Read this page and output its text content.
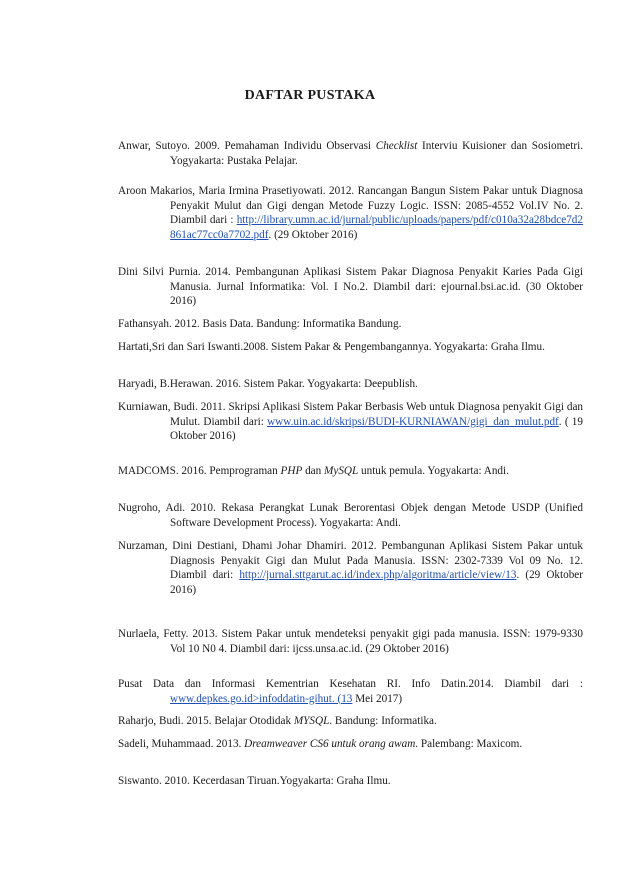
DAFTAR PUSTAKA
Anwar, Sutoyo. 2009. Pemahaman Individu Observasi Checklist Interviu Kuisioner dan Sosiometri. Yogyakarta: Pustaka Pelajar.
Aroon Makarios, Maria Irmina Prasetiyowati. 2012. Rancangan Bangun Sistem Pakar untuk Diagnosa Penyakit Mulut dan Gigi dengan Metode Fuzzy Logic. ISSN: 2085-4552 Vol.IV No. 2. Diambil dari : http://library.umn.ac.id/jurnal/public/uploads/papers/pdf/c010a32a28bdce7d2861ac77cc0a7702.pdf. (29 Oktober 2016)
Dini Silvi Purnia. 2014. Pembangunan Aplikasi Sistem Pakar Diagnosa Penyakit Karies Pada Gigi Manusia. Jurnal Informatika: Vol. I No.2. Diambil dari: ejournal.bsi.ac.id. (30 Oktober 2016)
Fathansyah. 2012. Basis Data. Bandung: Informatika Bandung.
Hartati,Sri dan Sari Iswanti.2008. Sistem Pakar & Pengembangannya. Yogyakarta: Graha Ilmu.
Haryadi, B.Herawan. 2016. Sistem Pakar. Yogyakarta: Deepublish.
Kurniawan, Budi. 2011. Skripsi Aplikasi Sistem Pakar Berbasis Web untuk Diagnosa penyakit Gigi dan Mulut. Diambil dari: www.uin.ac.id/skripsi/BUDI-KURNIAWAN/gigi_dan_mulut.pdf. ( 19 Oktober 2016)
MADCOMS. 2016. Pemprograman PHP dan MySQL untuk pemula. Yogyakarta: Andi.
Nugroho, Adi. 2010. Rekasa Perangkat Lunak Berorentasi Objek dengan Metode USDP (Unified Software Development Process). Yogyakarta: Andi.
Nurzaman, Dini Destiani, Dhami Johar Dhamiri. 2012. Pembangunan Aplikasi Sistem Pakar untuk Diagnosis Penyakit Gigi dan Mulut Pada Manusia. ISSN: 2302-7339 Vol 09 No. 12. Diambil dari: http://jurnal.sttgarut.ac.id/index.php/algoritma/article/view/13. (29 Oktober 2016)
Nurlaela, Fetty. 2013. Sistem Pakar untuk mendeteksi penyakit gigi pada manusia. ISSN: 1979-9330 Vol 10 N0 4. Diambil dari: ijcss.unsa.ac.id. (29 Oktober 2016)
Pusat Data dan Informasi Kementrian Kesehatan RI. Info Datin.2014. Diambil dari : www.depkes.go.id>infoddatin-gihut. (13 Mei 2017)
Raharjo, Budi. 2015. Belajar Otodidak MYSQL. Bandung: Informatika.
Sadeli, Muhammaad. 2013. Dreamweaver CS6 untuk orang awam. Palembang: Maxicom.
Siswanto. 2010. Kecerdasan Tiruan.Yogyakarta: Graha Ilmu.
